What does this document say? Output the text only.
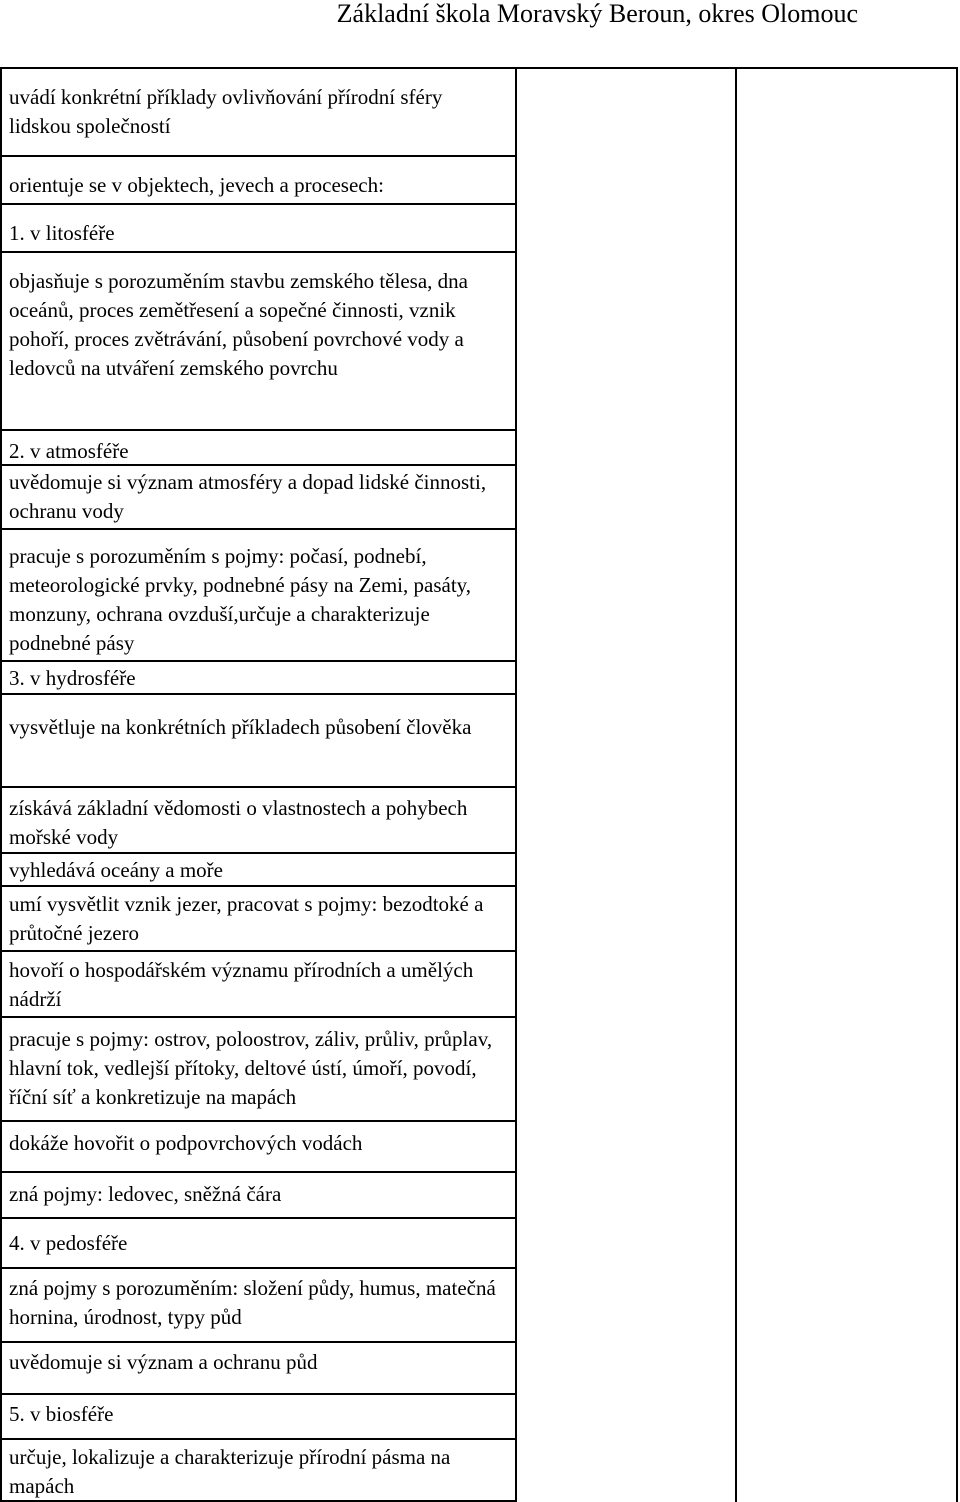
Základní škola Moravský Beroun, okres Olomouc
uvádí konkrétní příklady ovlivňování přírodní sféry lidskou společností
orientuje se v objektech, jevech a procesech:
1. v litosféře
objasňuje s porozuměním stavbu zemského tělesa, dna oceánů, proces zemětřesení a sopečné činnosti, vznik pohoří, proces zvětrávání, působení povrchové vody a ledovců na utváření zemského povrchu
2. v atmosféře
uvědomuje si význam atmosféry a dopad lidské činnosti, ochranu vody
pracuje s porozuměním s pojmy: počasí, podnebí, meteorologické prvky, podnebné pásy na Zemi, pasáty, monzuny, ochrana ovzduší,určuje a charakterizuje podnebné pásy
3. v hydrosféře
vysvětluje na konkrétních příkladech působení člověka
získává základní vědomosti o vlastnostech a pohybech mořské vody
vyhledává oceány a moře
umí vysvětlit vznik jezer, pracovat s pojmy: bezodtoké a průtočné jezero
hovoří o hospodářském významu přírodních a umělých nádrží
pracuje s pojmy: ostrov, poloostrov, záliv, průliv, průplav, hlavní tok, vedlejší přítoky, deltové ústí, úmoří, povodí, říční síť a konkretizuje na mapách
dokáže hovořit o podpovrchových vodách
zná pojmy: ledovec, sněžná čára
4. v pedosféře
zná pojmy s porozuměním: složení půdy, humus, matečná hornina, úrodnost, typy půd
uvědomuje si význam a ochranu půd
5. v biosféře
určuje, lokalizuje a charakterizuje přírodní pásma na mapách
